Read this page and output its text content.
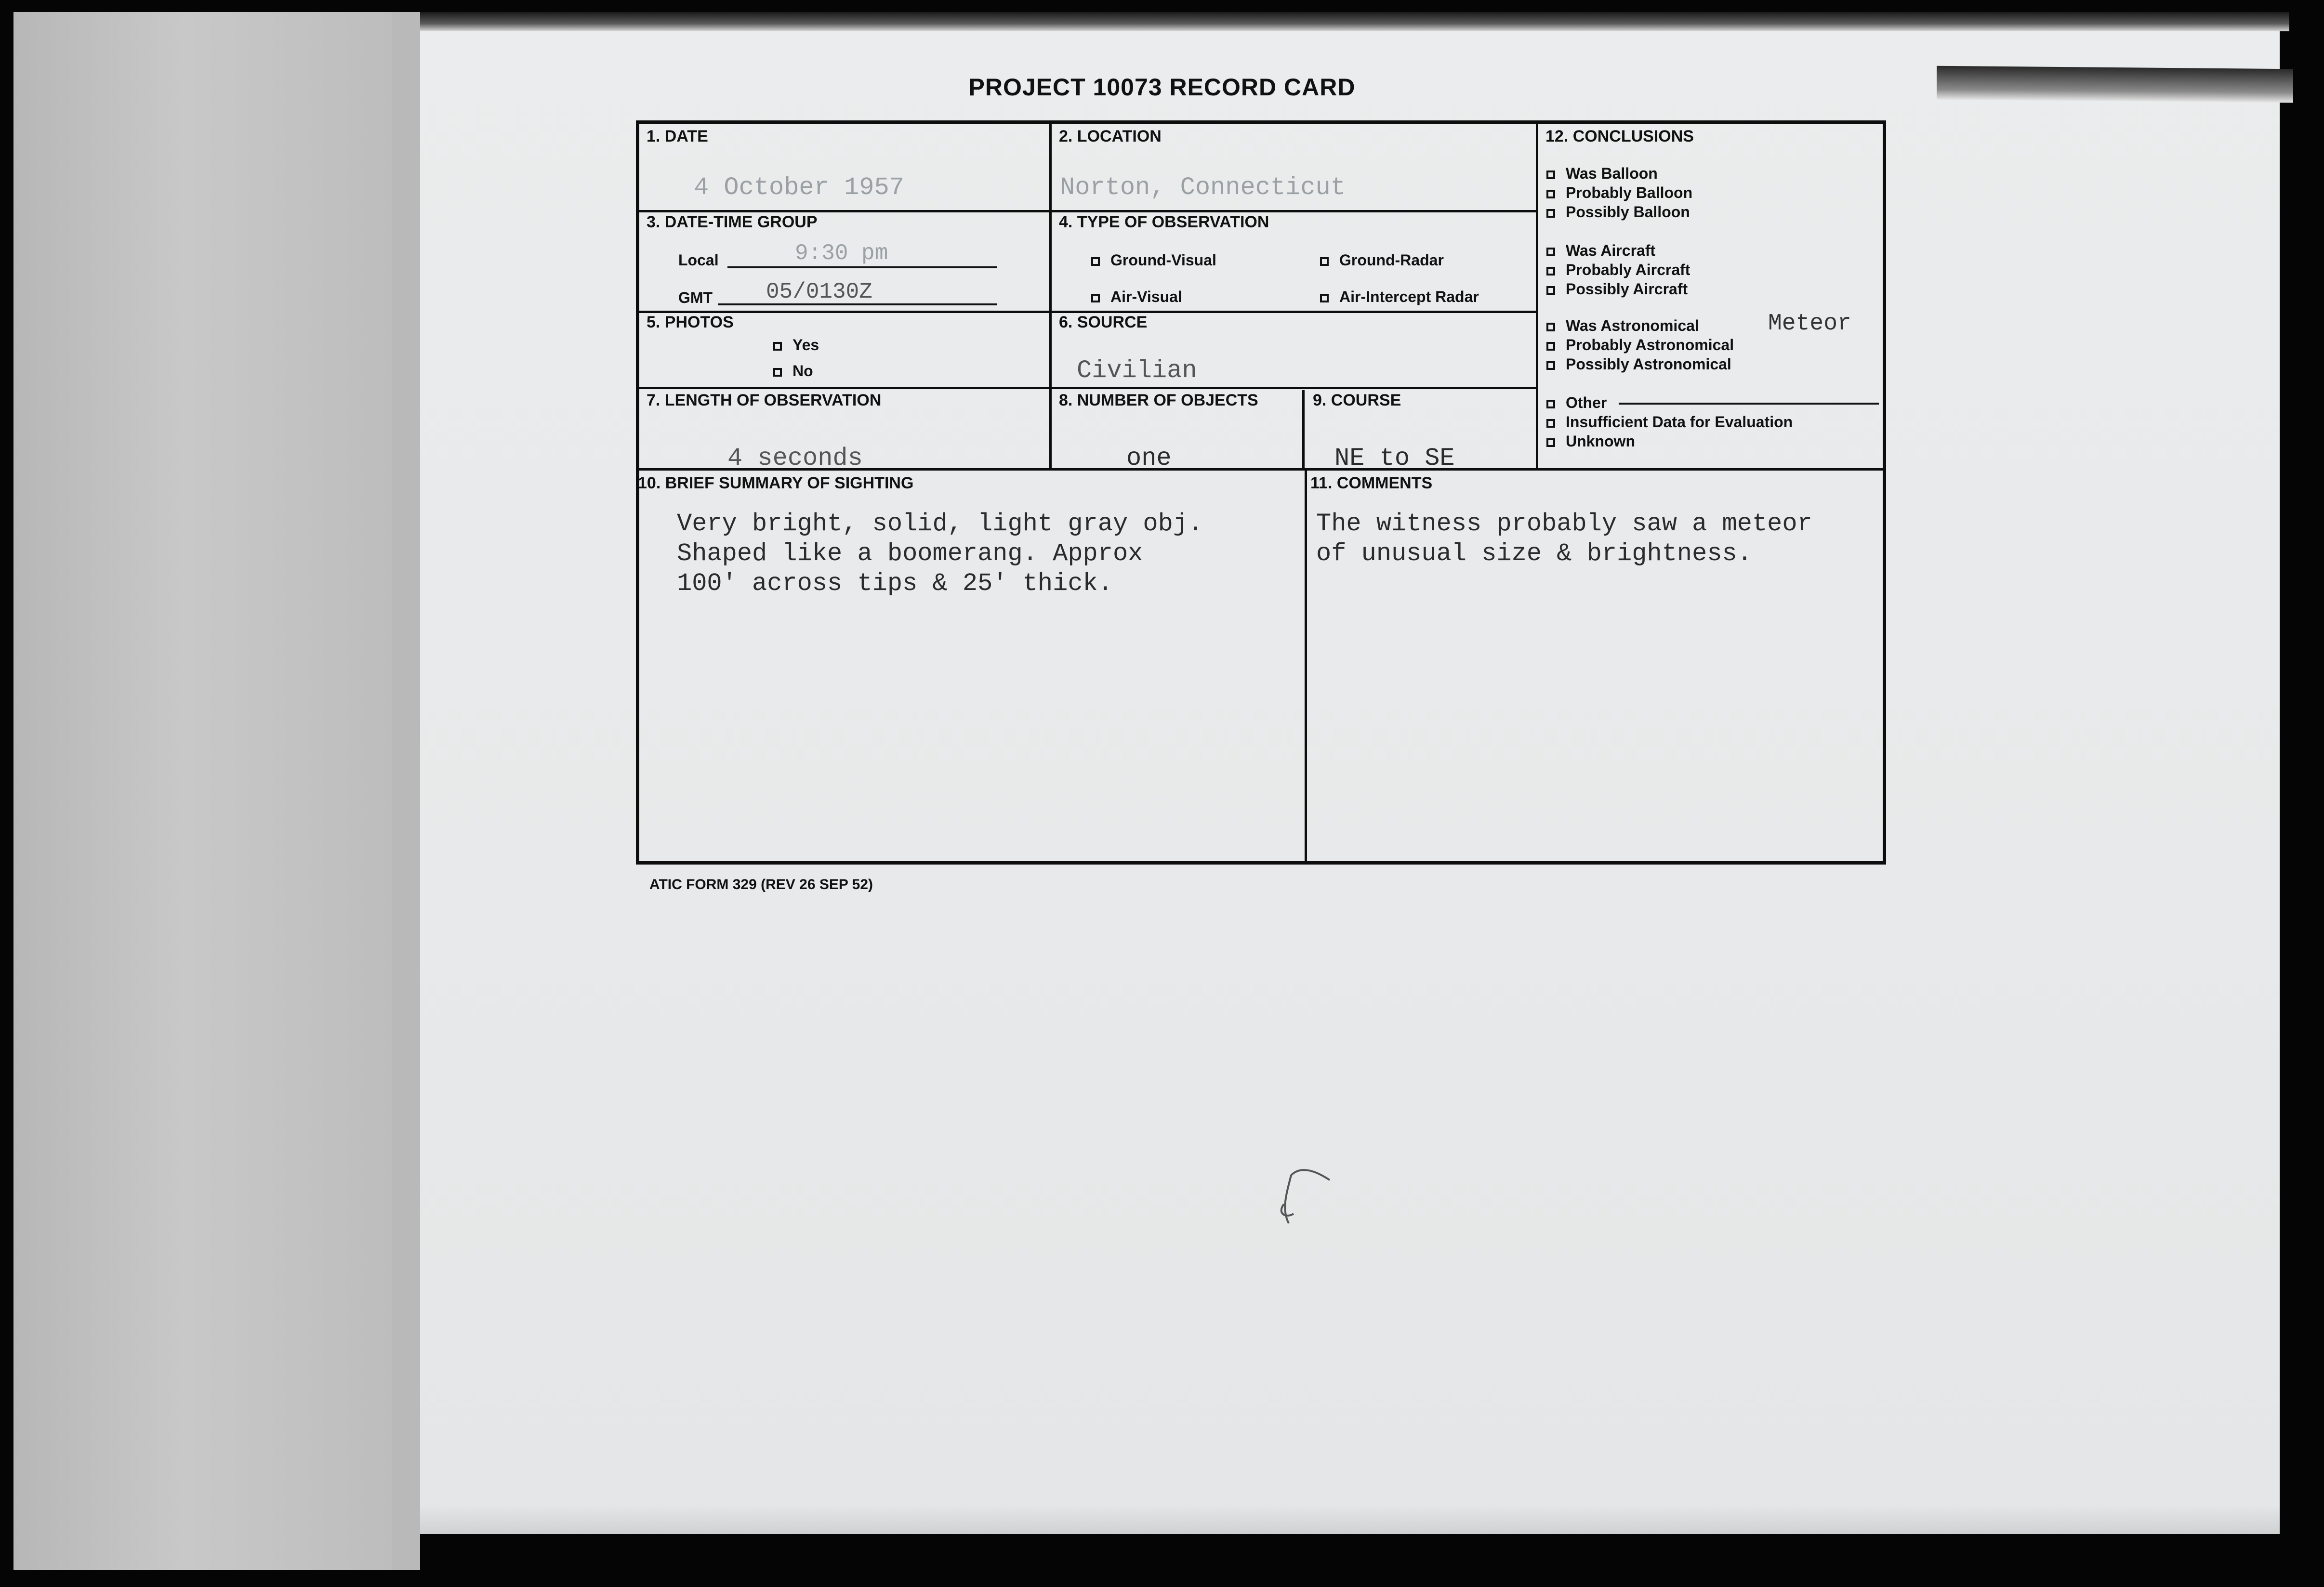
PROJECT 10073 RECORD CARD
1. DATE
4 October 1957
2. LOCATION
Norton, Connecticut
3. DATE-TIME GROUP
Local	9:30 pm
GMT 05/0130Z
4. TYPE OF OBSERVATION
Ground-Visual	Ground-Radar
Air-Visual	Air-Intercept Radar
5. PHOTOS
Yes
No
6. SOURCE
Civilian
7. LENGTH OF OBSERVATION
4 seconds
8. NUMBER OF OBJECTS
one
9. COURSE
NE to SE
12. CONCLUSIONS
Was Balloon
Probably Balloon
Possibly Balloon
Was Aircraft
Probably Aircraft
Possibly Aircraft
Was Astronomical	Meteor
Probably Astronomical
Possibly Astronomical
Other
Insufficient Data for Evaluation
Unknown
10. BRIEF SUMMARY OF SIGHTING
Very bright, solid, light gray obj.
Shaped like a boomerang. Approx
100' across tips & 25' thick.
11. COMMENTS
The witness probably saw a meteor
of unusual size & brightness.
ATIC FORM 329 (REV 26 SEP 52)
